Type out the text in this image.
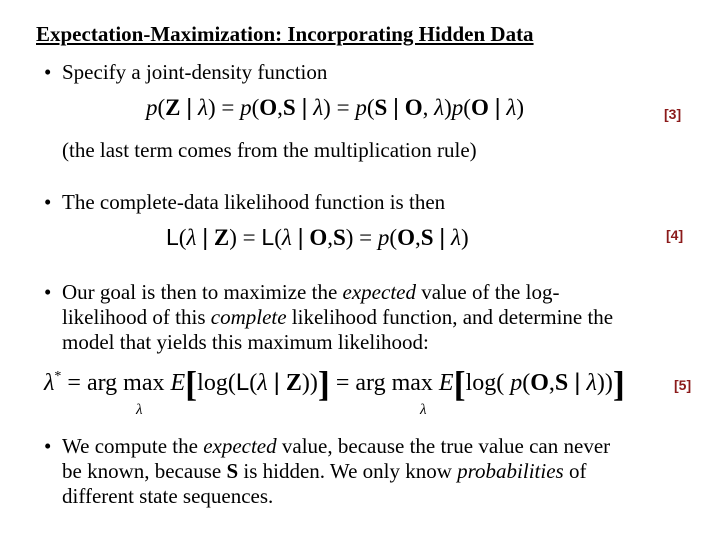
Expectation-Maximization: Incorporating Hidden Data
• Specify a joint-density function
p(Z | λ) = p(O,S | λ) = p(S | O, λ)p(O | λ)	[3]
(the last term comes from the multiplication rule)
• The complete-data likelihood function is then
L(λ | Z) = L(λ | O,S) = p(O,S | λ)	[4]
• Our goal is then to maximize the expected value of the log-likelihood of this complete likelihood function, and determine the model that yields this maximum likelihood:
λ* = arg max E[log(L(λ | Z))] = arg max E[log( p(O,S | λ))]
λ	λ
[5]
• We compute the expected value, because the true value can never be known, because S is hidden. We only know probabilities of different state sequences.
